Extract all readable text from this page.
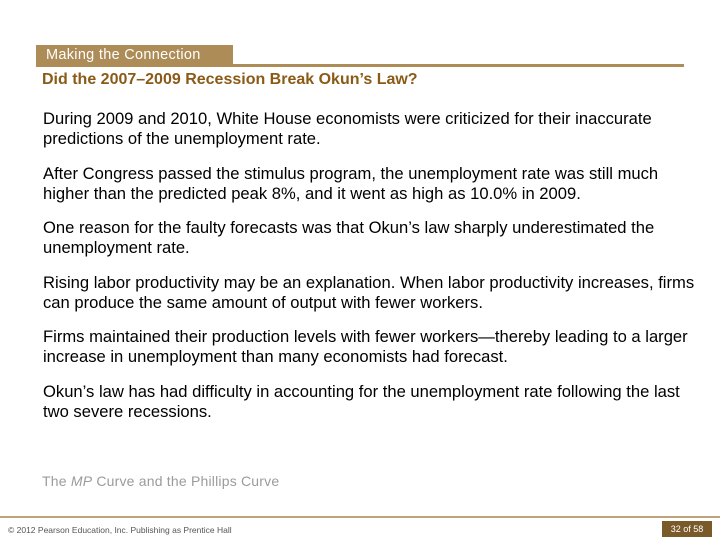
Making the Connection
Did the 2007–2009 Recession Break Okun’s Law?

During 2009 and 2010, White House economists were criticized for their inaccurate predictions of the unemployment rate.

After Congress passed the stimulus program, the unemployment rate was still much higher than the predicted peak 8%, and it went as high as 10.0% in 2009.

One reason for the faulty forecasts was that Okun’s law sharply underestimated the unemployment rate.

Rising labor productivity may be an explanation. When labor productivity increases, firms can produce the same amount of output with fewer workers.

Firms maintained their production levels with fewer workers—thereby leading to a larger increase in unemployment than many economists had forecast.

Okun’s law has had difficulty in accounting for the unemployment rate following the last two severe recessions.

The MP Curve and the Phillips Curve
© 2012 Pearson Education, Inc. Publishing as Prentice Hall	32 of 58
